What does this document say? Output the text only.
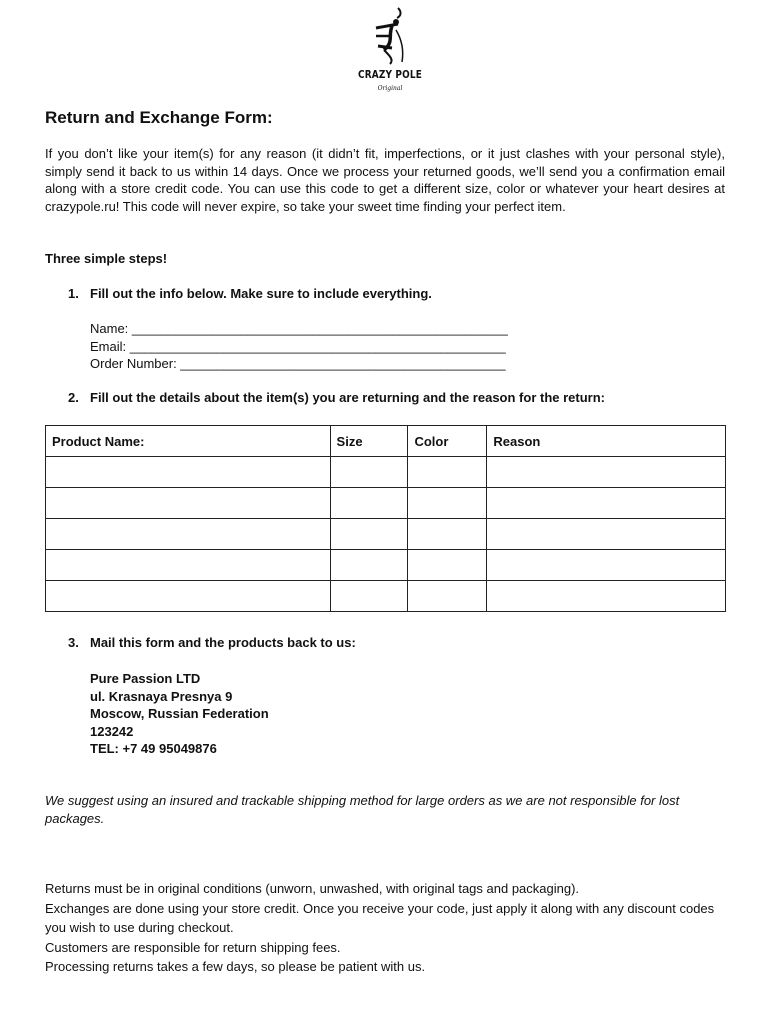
CRAZY POLE
Original
Return and Exchange Form:

If you don’t like your item(s) for any reason (it didn’t fit, imperfections, or it just clashes with your personal style), simply send it back to us within 14 days. Once we process your returned goods, we’ll send you a confirmation email along with a store credit code. You can use this code to get a different size, color or whatever your heart desires at crazypole.ru! This code will never expire, so take your sweet time finding your perfect item.

Three simple steps!

1. Fill out the info below. Make sure to include everything.

Name: ____________________________________________________

Email: ____________________________________________________

Order Number: _____________________________________________

2. Fill out the details about the item(s) you are returning and the reason for the return:

Product Name:	Size	Color	Reason

3. Mail this form and the products back to us:

Pure Passion LTD
ul. Krasnaya Presnya 9
Moscow, Russian Federation
123242
TEL: +7 49 95049876

We suggest using an insured and trackable shipping method for large orders as we are not responsible for lost packages.

Returns must be in original conditions (unworn, unwashed, with original tags and packaging).

Exchanges are done using your store credit. Once you receive your code, just apply it along with any discount codes you wish to use during checkout.

Customers are responsible for return shipping fees.

Processing returns takes a few days, so please be patient with us.
